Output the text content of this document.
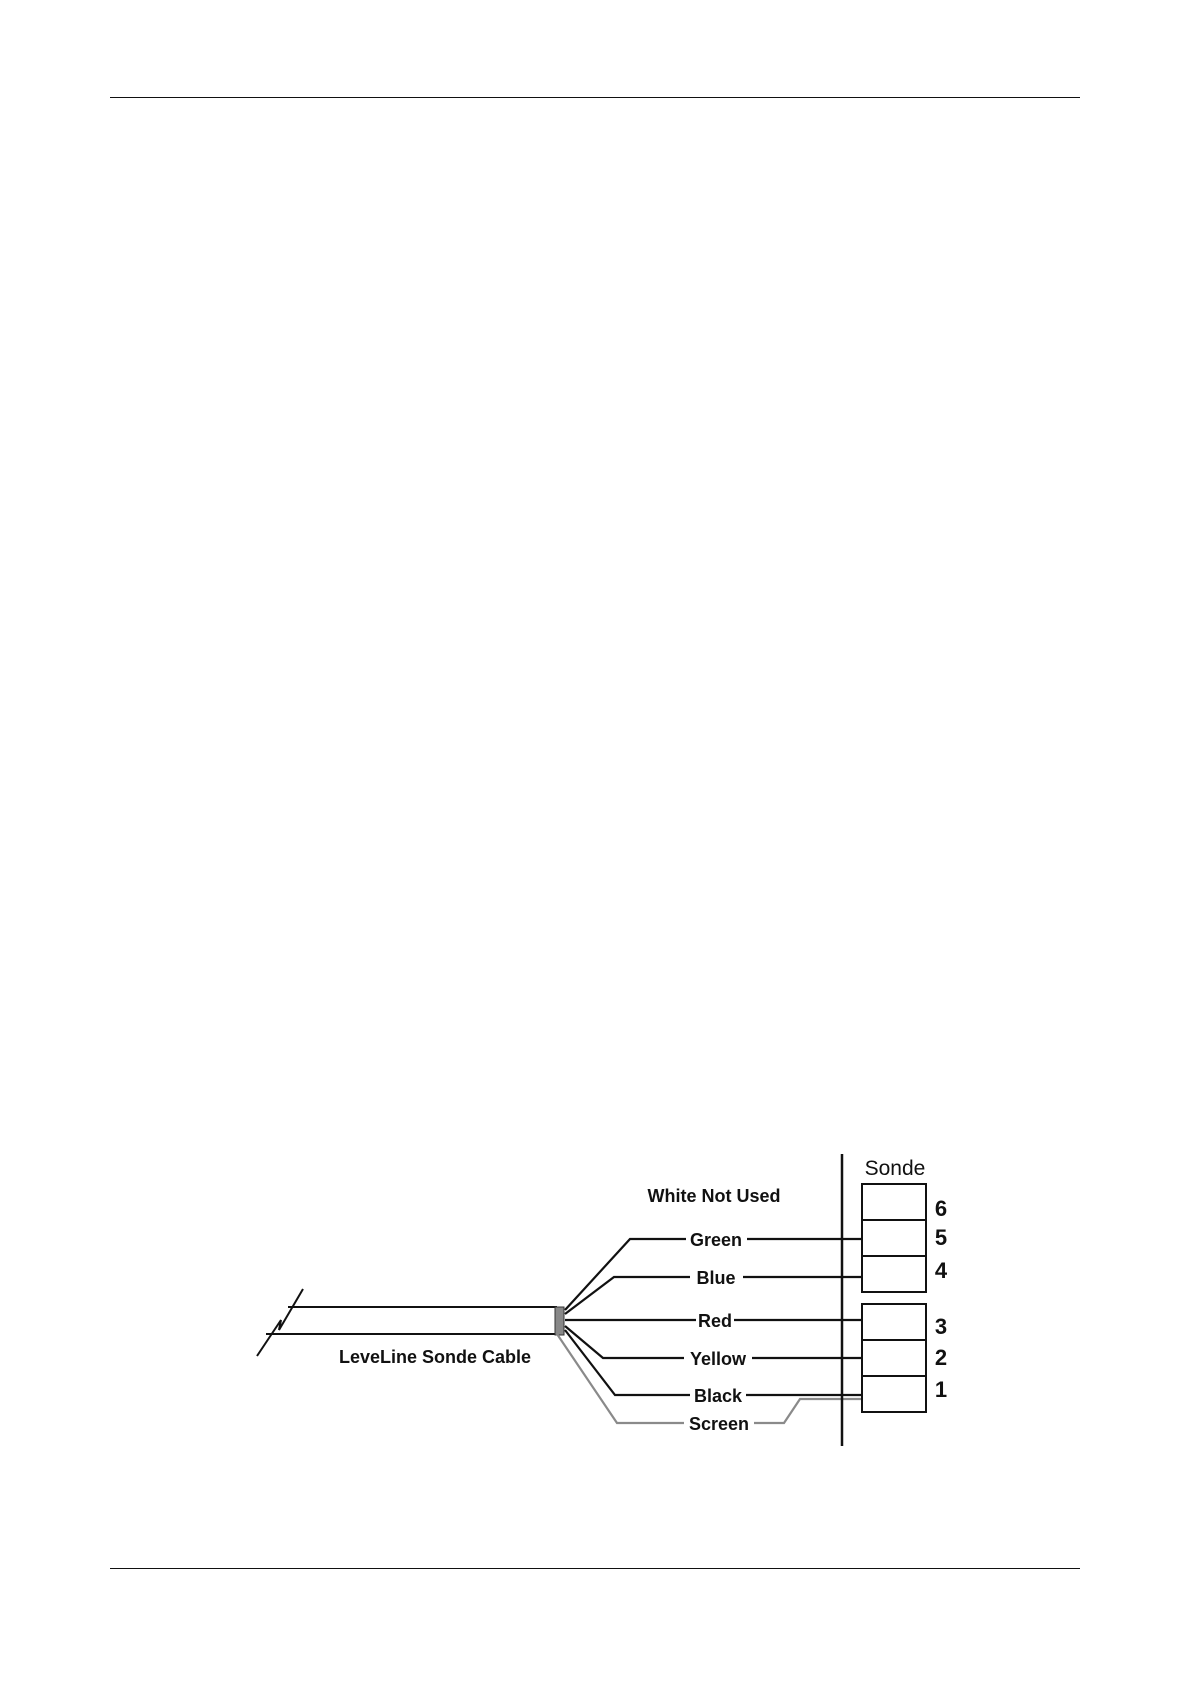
Green
Blue
Red
Yellow
Black
Screen
White Not Used
Sonde
LeveLine Sonde Cable
6
5
4
3
2
1
